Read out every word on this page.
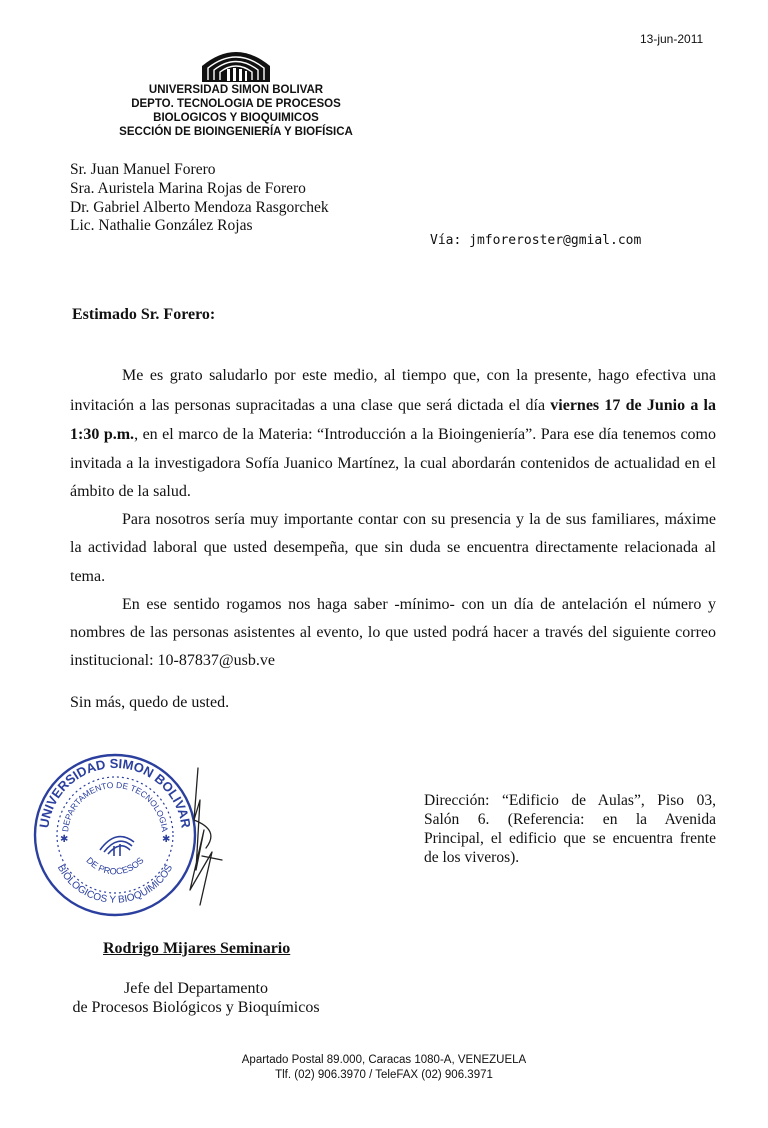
13-jun-2011
UNIVERSIDAD SIMON BOLIVAR
DEPTO. TECNOLOGIA DE PROCESOS
BIOLOGICOS Y BIOQUIMICOS
SECCIÓN DE BIOINGENIERÍA Y BIOFÍSICA
Sr. Juan Manuel Forero
Sra. Auristela Marina Rojas de Forero
Dr. Gabriel Alberto Mendoza Rasgorchek
Lic. Nathalie González Rojas
Vía: jmforeroster@gmial.com
Estimado Sr. Forero:
Me es grato saludarlo por este medio, al tiempo que, con la presente, hago efectiva una
invitación a las personas supracitadas a una clase que será dictada el día viernes 17 de Junio a la
1:30 p.m., en el marco de la Materia: “Introducción a la Bioingeniería”. Para ese día tenemos como
invitada a la investigadora Sofía Juanico Martínez, la cual abordarán contenidos de actualidad en el
ámbito de la salud.
Para nosotros sería muy importante contar con su presencia y la de sus familiares, máxime
la actividad laboral que usted desempeña, que sin duda se encuentra directamente relacionada al
tema.
En ese sentido rogamos nos haga saber -mínimo- con un día de antelación el número y
nombres de las personas asistentes al evento, lo que usted podrá hacer a través del siguiente correo
institucional: 10-87837@usb.ve
Sin más, quedo de usted.
UNIVERSIDAD SIMON BOLIVAR
DEPARTAMENTO DE TECNOLOGIA
DE PROCESOS
BIOLOGICOS Y BIOQUIMICOS
✱	✱
Dirección: “Edificio de Aulas”, Piso 03,
Salón 6. (Referencia: en la Avenida
Principal, el edificio que se encuentra frente
de los viveros).
Rodrigo Mijares Seminario
Jefe del Departamento
de Procesos Biológicos y Bioquímicos
Apartado Postal 89.000, Caracas 1080-A, VENEZUELA
Tlf. (02) 906.3970 / TeleFAX (02) 906.3971
